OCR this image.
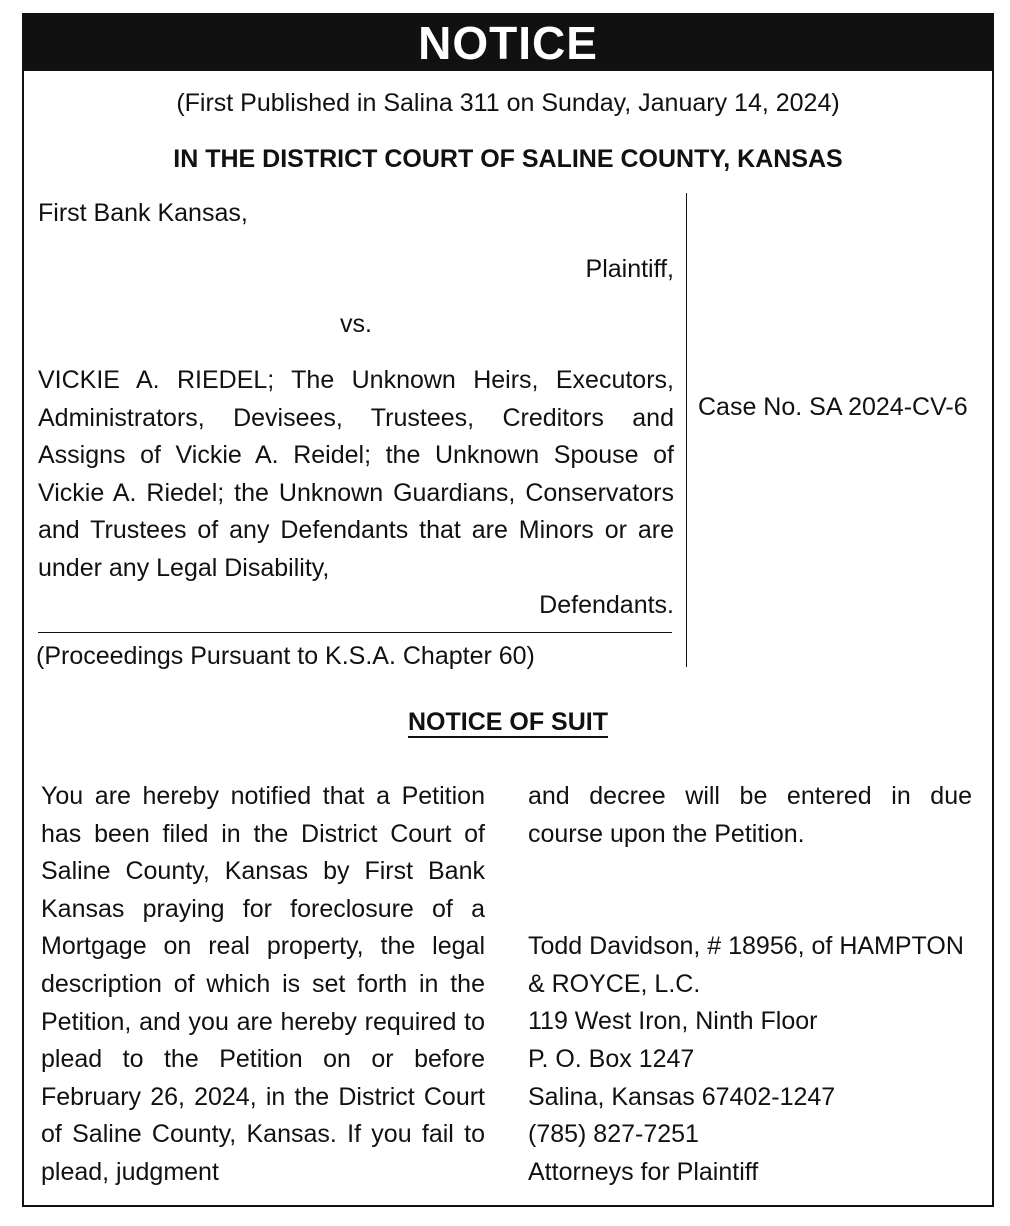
NOTICE
(First Published in Salina 311 on Sunday, January 14, 2024)
IN THE DISTRICT COURT OF SALINE COUNTY, KANSAS
First Bank Kansas,
Plaintiff,
vs.
VICKIE A. RIEDEL; The Unknown Heirs, Executors, Administrators, Devisees, Trustees, Creditors and Assigns of Vickie A. Reidel; the Unknown Spouse of Vickie A. Riedel; the Unknown Guardians, Conservators and Trustees of any Defendants that are Minors or are under any Legal Disability,
Defendants.
(Proceedings Pursuant to K.S.A. Chapter 60)
Case No. SA 2024-CV-6
NOTICE OF SUIT
You are hereby notified that a Petition has been filed in the District Court of Saline County, Kansas by First Bank Kansas praying for foreclosure of a Mortgage on real property, the legal description of which is set forth in the Petition, and you are hereby required to plead to the Petition on or before February 26, 2024, in the District Court of Saline County, Kansas. If you fail to plead, judgment
and decree will be entered in due course upon the Petition.
Todd Davidson, # 18956, of HAMPTON
& ROYCE, L.C.
119 West Iron, Ninth Floor
P. O. Box 1247
Salina, Kansas 67402-1247
(785) 827-7251
Attorneys for Plaintiff
